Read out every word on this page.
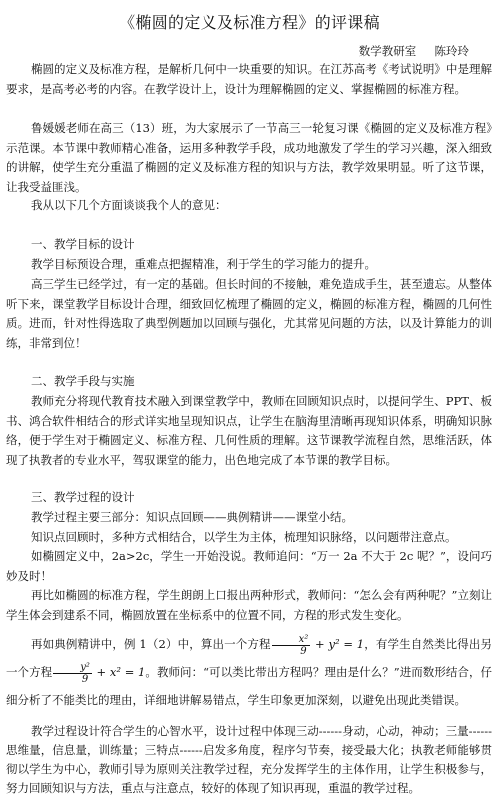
《椭圆的定义及标准方程》的评课稿
数学教研室     陈玲玲
椭圆的定义及标准方程，是解析几何中一块重要的知识。在江苏高考《考试说明》中是理解要求，是高考必考的内容。在教学设计上，设计为理解椭圆的定义、掌握椭圆的标准方程。
鲁媛媛老师在高三（13）班，为大家展示了一节高三一轮复习课《椭圆的定义及标准方程》示范课。本节课中教师精心准备，运用多种教学手段，成功地激发了学生的学习兴趣，深入细致的讲解，使学生充分重温了椭圆的定义及标准方程的知识与方法，教学效果明显。听了这节课，让我受益匪浅。
我从以下几个方面谈谈我个人的意见：
一、教学目标的设计
教学目标预设合理，重难点把握精准，利于学生的学习能力的提升。
高三学生已经学过，有一定的基础。但长时间的不接触，难免造成手生，甚至遗忘。从整体听下来，课堂教学目标设计合理，细致回忆梳理了椭圆的定义，椭圆的标准方程，椭圆的几何性质。进而，针对性得选取了典型例题加以回顾与强化，尤其常见问题的方法，以及计算能力的训练，非常到位！
二、教学手段与实施
教师充分将现代教育技术融入到课堂教学中，教师在回顾知识点时，以提问学生、PPT、板书、鸿合软件相结合的形式详实地呈现知识点，让学生在脑海里清晰再现知识体系，明确知识脉络，便于学生对于椭圆定义、标准方程、几何性质的理解。这节课教学流程自然，思维活跃，体现了执教者的专业水平，驾驭课堂的能力，出色地完成了本节课的教学目标。
三、教学过程的设计
教学过程主要三部分：知识点回顾——典例精讲——课堂小结。
知识点回顾时，多种方式相结合，以学生为主体，梳理知识脉络，以问题带注意点。
如椭圆定义中，2a>2c，学生一开始没说。教师追问：“万一 2a 不大于 2c 呢？”，设问巧妙及时！
再比如椭圆的标准方程，学生朗朗上口报出两种形式，教师问：“怎么会有两种呢？”立刻让学生体会到建系不同，椭圆放置在坐标系中的位置不同，方程的形式发生变化。
再如典例精讲中，例 1（2）中，算出一个方程 $\frac{\text{x²}}{9} + y^2 = 1$，有学生自然类比得出另一个方程 $\frac{\text{y²}}{9} + x^2 = 1$。教师问：“可以类比带出方程吗？理由是什么？”进而数形结合，仔细分析了不能类比的理由，详细地讲解易错点，学生印象更加深刻，以避免出现此类错误。
教学过程设计符合学生的心智水平，设计过程中体现三动------身动，心动，神动；三量------思维量，信息量，训练量；三特点------启发多角度，程序匀节奏，接受最大化；执教老师能够贯彻以学生为中心，教师引导为原则关注教学过程，充分发挥学生的主体作用，让学生积极参与，努力回顾知识与方法，重点与注意点，较好的体现了知识再现，重温的教学过程。
